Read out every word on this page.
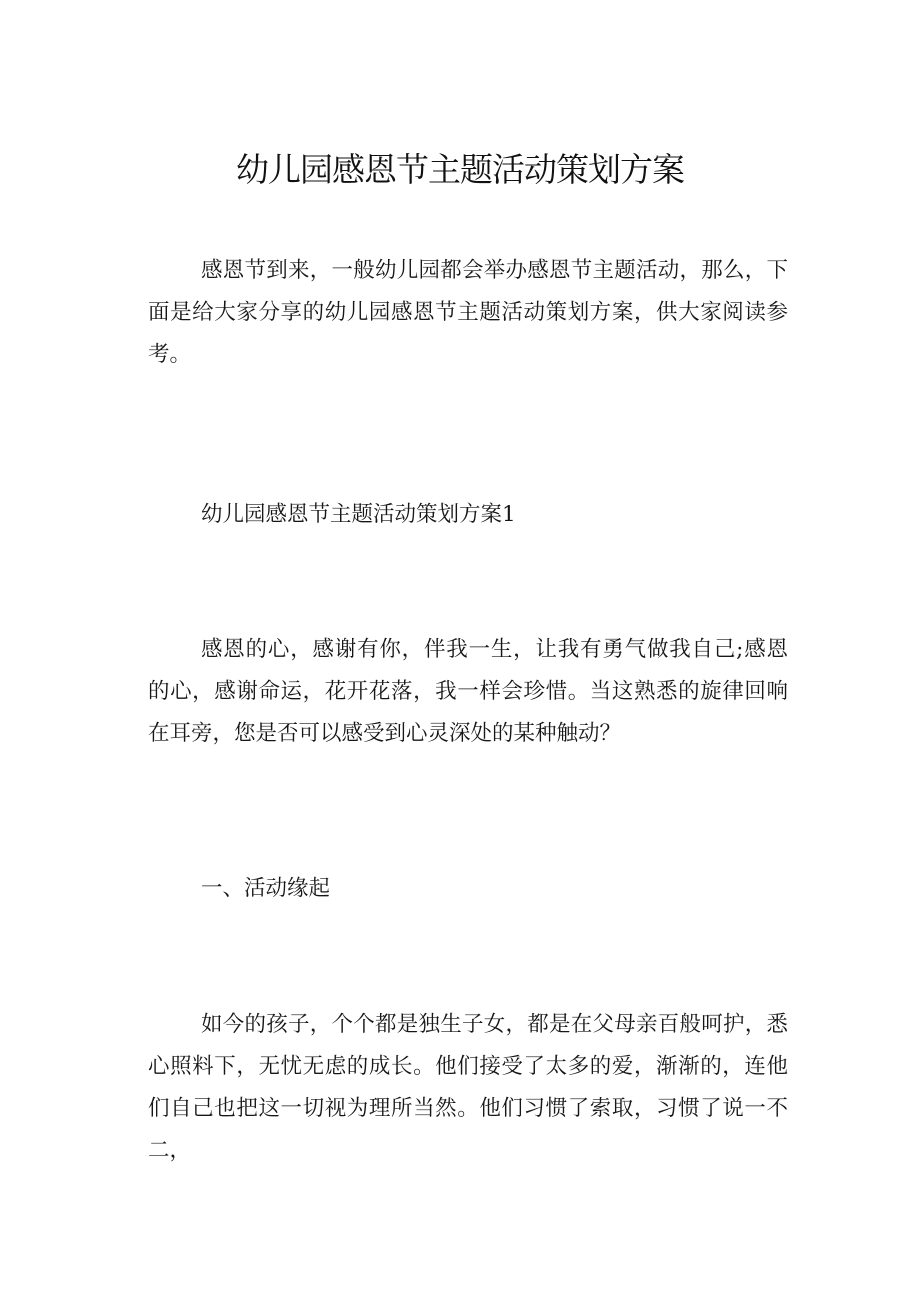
幼儿园感恩节主题活动策划方案

感恩节到来，一般幼儿园都会举办感恩节主题活动，那么，下面是给大家分享的幼儿园感恩节主题活动策划方案，供大家阅读参考。

幼儿园感恩节主题活动策划方案1

感恩的心，感谢有你，伴我一生，让我有勇气做我自己;感恩的心，感谢命运，花开花落，我一样会珍惜。当这熟悉的旋律回响在耳旁，您是否可以感受到心灵深处的某种触动？

一、活动缘起

如今的孩子，个个都是独生子女，都是在父母亲百般呵护，悉心照料下，无忧无虑的成长。他们接受了太多的爱，渐渐的，连他们自己也把这一切视为理所当然。他们习惯了索取，习惯了说一不二，
